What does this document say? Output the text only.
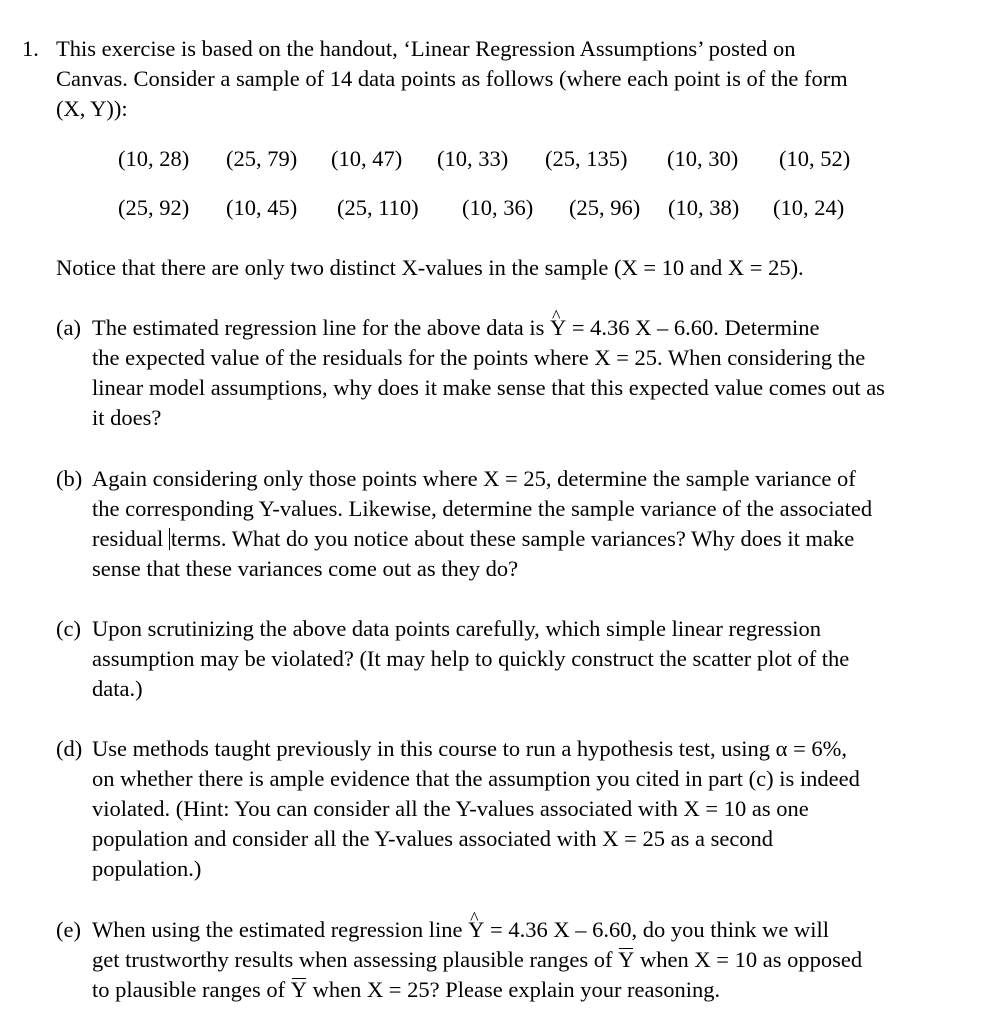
1. This exercise is based on the handout, ‘Linear Regression Assumptions’ posted on
Canvas. Consider a sample of 14 data points as follows (where each point is of the form
(X, Y)):
(10, 28) (25, 79) (10, 47) (10, 33) (25, 135) (10, 30) (10, 52)
(25, 92) (10, 45) (25, 110) (10, 36) (25, 96) (10, 38) (10, 24)
Notice that there are only two distinct X-values in the sample (X = 10 and X = 25).
(a) The estimated regression line for the above data is ^ Y = 4.36 X – 6.60. Determine
the expected value of the residuals for the points where X = 25. When considering the
linear model assumptions, why does it make sense that this expected value comes out as
it does?
(b) Again considering only those points where X = 25, determine the sample variance of
the corresponding Y-values. Likewise, determine the sample variance of the associated
residual terms. What do you notice about these sample variances? Why does it make
sense that these variances come out as they do?
(c) Upon scrutinizing the above data points carefully, which simple linear regression
assumption may be violated? (It may help to quickly construct the scatter plot of the
data.)
(d) Use methods taught previously in this course to run a hypothesis test, using α = 6%,
on whether there is ample evidence that the assumption you cited in part (c) is indeed
violated. (Hint: You can consider all the Y-values associated with X = 10 as one
population and consider all the Y-values associated with X = 25 as a second
population.)
(e) When using the estimated regression line ^ Y = 4.36 X – 6.60, do you think we will
get trustworthy results when assessing plausible ranges of Y when X = 10 as opposed
to plausible ranges of Y when X = 25? Please explain your reasoning.
